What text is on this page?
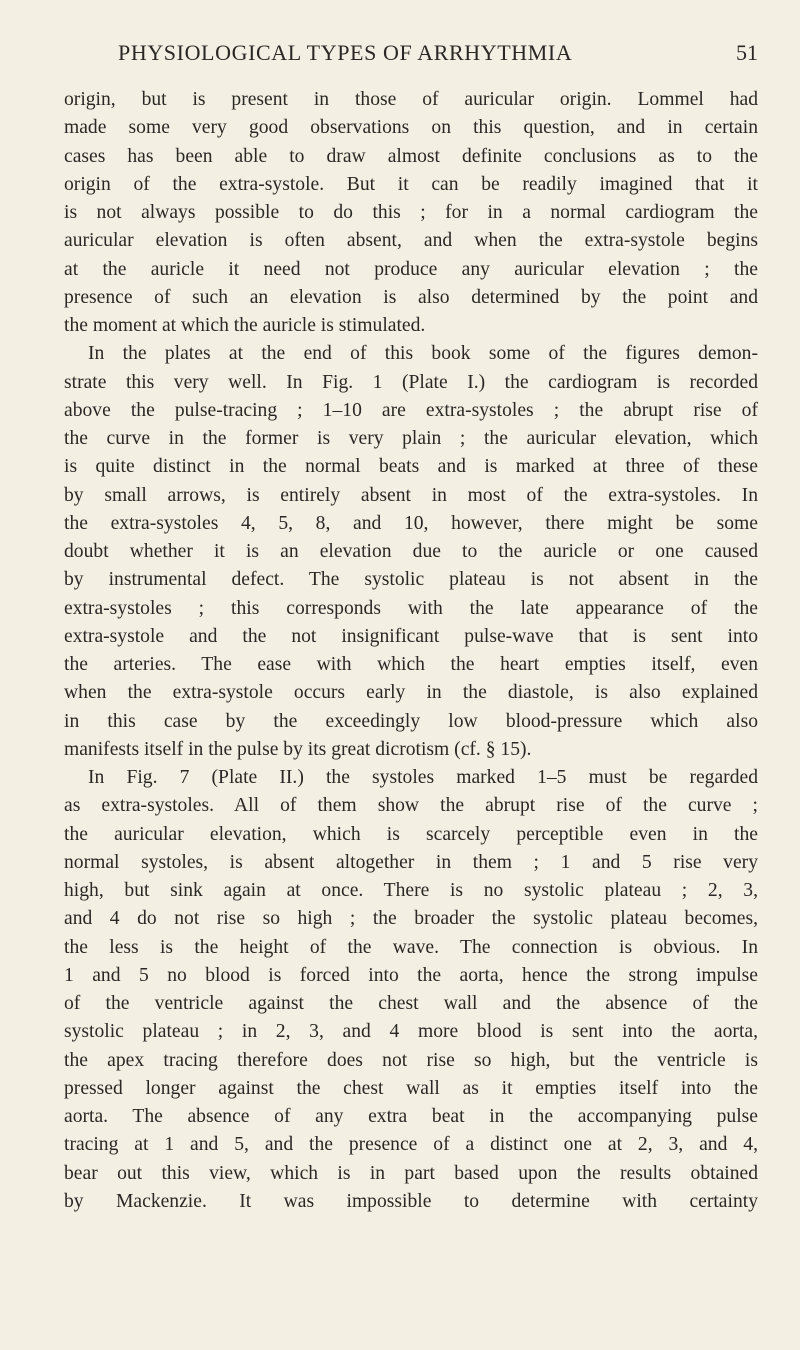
PHYSIOLOGICAL TYPES OF ARRHYTHMIA	51
origin, but is present in those of auricular origin. Lommel had
made some very good observations on this question, and in certain
cases has been able to draw almost definite conclusions as to the
origin of the extra-systole. But it can be readily imagined that it
is not always possible to do this ; for in a normal cardiogram the
auricular elevation is often absent, and when the extra-systole begins
at the auricle it need not produce any auricular elevation ; the
presence of such an elevation is also determined by the point and
the moment at which the auricle is stimulated.
In the plates at the end of this book some of the figures demon-
strate this very well. In Fig. 1 (Plate I.) the cardiogram is recorded
above the pulse-tracing ; 1–10 are extra-systoles ; the abrupt rise of
the curve in the former is very plain ; the auricular elevation, which
is quite distinct in the normal beats and is marked at three of these
by small arrows, is entirely absent in most of the extra-systoles. In
the extra-systoles 4, 5, 8, and 10, however, there might be some
doubt whether it is an elevation due to the auricle or one caused
by instrumental defect. The systolic plateau is not absent in the
extra-systoles ; this corresponds with the late appearance of the
extra-systole and the not insignificant pulse-wave that is sent into
the arteries. The ease with which the heart empties itself, even
when the extra-systole occurs early in the diastole, is also explained
in this case by the exceedingly low blood-pressure which also
manifests itself in the pulse by its great dicrotism (cf. § 15).
In Fig. 7 (Plate II.) the systoles marked 1–5 must be regarded
as extra-systoles. All of them show the abrupt rise of the curve ;
the auricular elevation, which is scarcely perceptible even in the
normal systoles, is absent altogether in them ; 1 and 5 rise very
high, but sink again at once. There is no systolic plateau ; 2, 3,
and 4 do not rise so high ; the broader the systolic plateau becomes,
the less is the height of the wave. The connection is obvious. In
1 and 5 no blood is forced into the aorta, hence the strong impulse
of the ventricle against the chest wall and the absence of the
systolic plateau ; in 2, 3, and 4 more blood is sent into the aorta,
the apex tracing therefore does not rise so high, but the ventricle is
pressed longer against the chest wall as it empties itself into the
aorta. The absence of any extra beat in the accompanying pulse
tracing at 1 and 5, and the presence of a distinct one at 2, 3, and 4,
bear out this view, which is in part based upon the results obtained
by Mackenzie. It was impossible to determine with certainty
